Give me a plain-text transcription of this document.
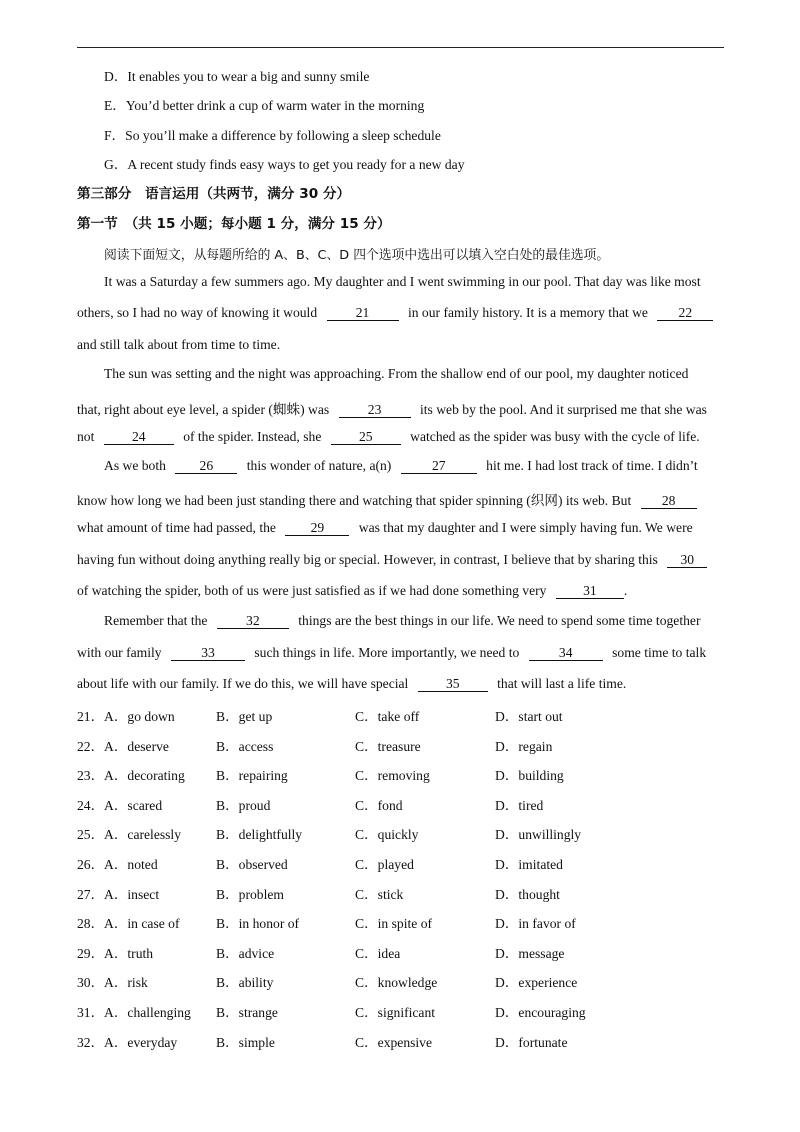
D．It enables you to wear a big and sunny smile
E．You’d better drink a cup of warm water in the morning
F．So you’ll make a difference by following a sleep schedule
G．A recent study finds easy ways to get you ready for a new day
第三部分　语言运用（共两节，满分 30 分）
第一节　（共 15 小题；每小题 1 分，满分 15 分）
阅读下面短文，从每题所给的 A、B、C、D 四个选项中选出可以填入空白处的最佳选项。
It was a Saturday a few summers ago. My daughter and I went swimming in our pool. That day was like most
others, so I had no way of knowing it would	21	in our family history. It is a memory that we 22
and still talk about from time to time.
The sun was setting and the night was approaching. From the shallow end of our pool, my daughter noticed
that, right about eye level, a spider (蜘蛛) was	23	its web by the pool. And it surprised me that she was
not	24	of the spider. Instead, she	25	watched as the spider was busy with the cycle of life.
As we both 26 this wonder of nature, a(n)	27	hit me. I had lost track of time. I didn’t
know how long we had been just standing there and watching that spider spinning (织网) its web. But 28
what amount of time had passed, the	29	was that my daughter and I were simply having fun. We were
having fun without doing anything really big or special. However, in contrast, I believe that by sharing this 30
of watching the spider, both of us were just satisfied as if we had done something very	31 .
Remember that the	32	things are the best things in our life. We need to spend some time together
with our family	33	such things in life. More importantly, we need to	34	some time to talk
about life with our family. If we do this, we will have special	35	that will last a life time.
21． A．go down	B．get up	C．take off	D．start out
22． A．deserve	B．access	C．treasure	D．regain
23． A．decorating B．repairing	C．removing	D．building
24． A．scared	B．proud	C．fond	D．tired
25． A．carelessly	B．delightfully	C．quickly	D．unwillingly
26． A．noted	B．observed	C．played	D．imitated
27． A．insect	B．problem	C．stick	D．thought
28． A．in case of	B．in honor of	C．in spite of	D．in favor of
29． A．truth	B．advice	C．idea	D．message
30． A．risk	B．ability	C．knowledge	D．experience
31． A．challenging B．strange	C．significant	D．encouraging
32． A．everyday	B．simple	C．expensive	D．fortunate
